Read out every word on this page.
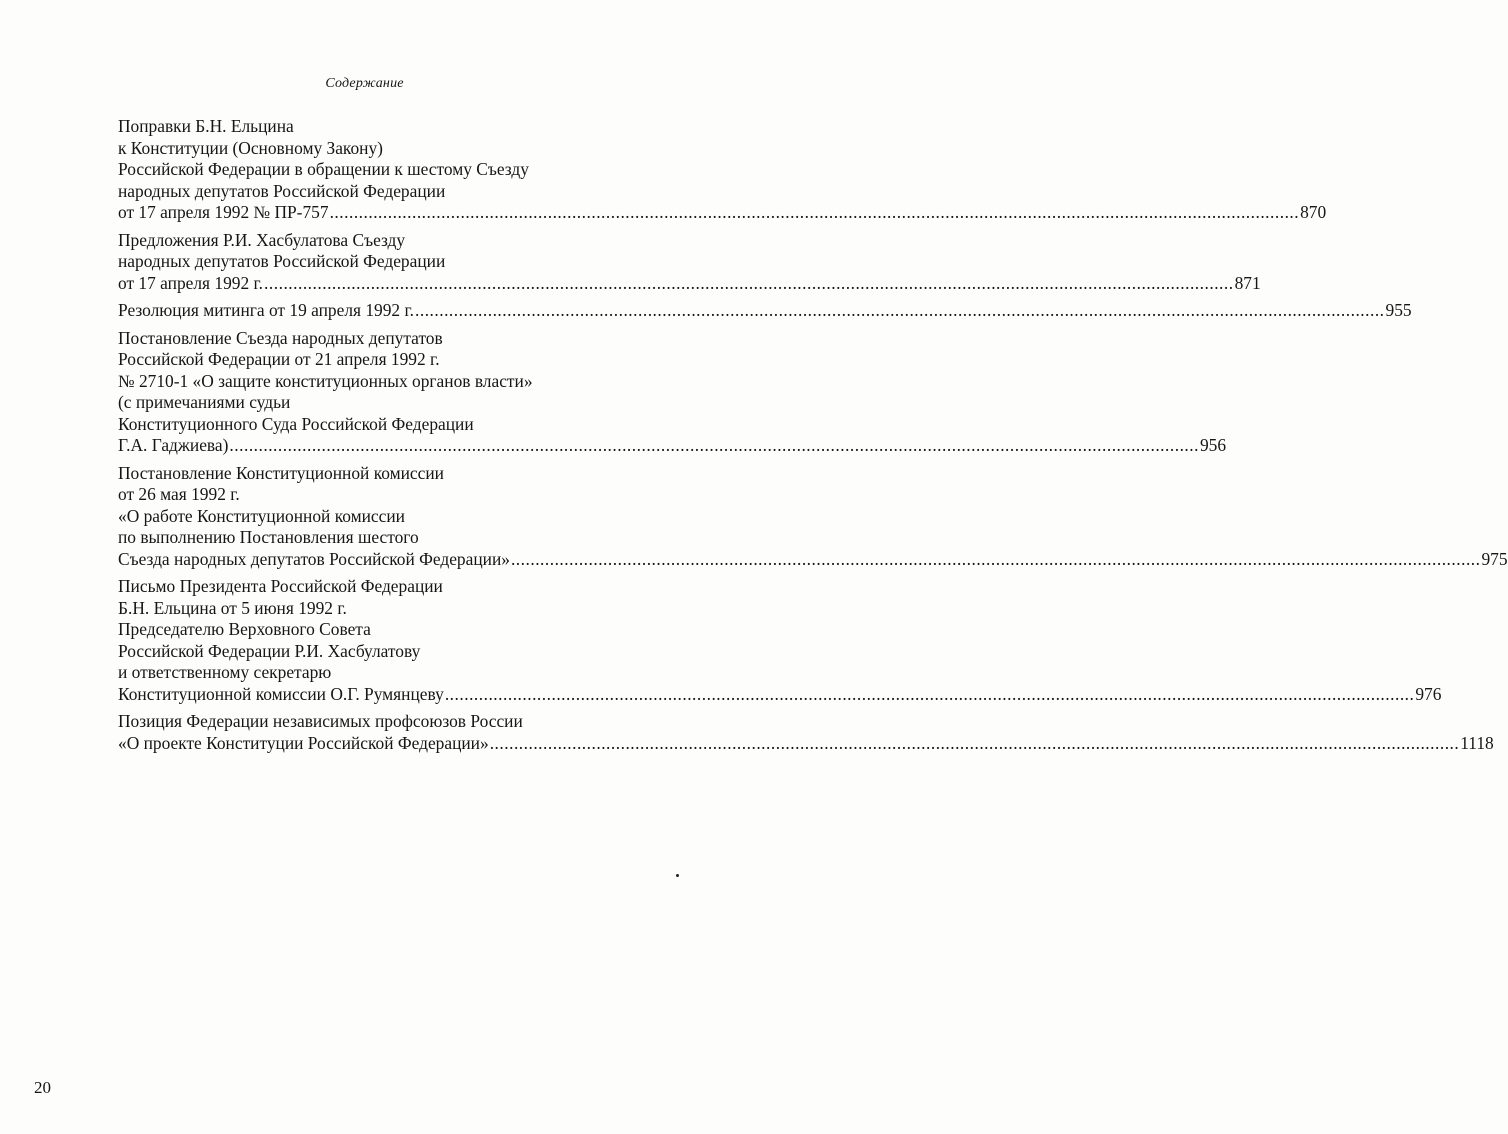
Содержание
Поправки Б.Н. Ельцина
к Конституции (Основному Закону)
Российской Федерации в обращении к шестому Съезду
народных депутатов Российской Федерации
от 17 апреля 1992 № ПР-757 ........................................................................................................................................................................................................ 870
Предложения Р.И. Хасбулатова Съезду
народных депутатов Российской Федерации
от 17 апреля 1992 г. ........................................................................................................................................................................................................ 871
Резолюция митинга от 19 апреля 1992 г. ........................................................................................................................................................................................................ 955
Постановление Съезда народных депутатов
Российской Федерации от 21 апреля 1992 г.
№ 2710-1 «О защите конституционных органов власти»
(с примечаниями судьи
Конституционного Суда Российской Федерации
Г.А. Гаджиева) ........................................................................................................................................................................................................ 956
Постановление Конституционной комиссии
от 26 мая 1992 г.
«О работе Конституционной комиссии
по выполнению Постановления шестого
Съезда народных депутатов Российской Федерации» ........................................................................................................................................................................................................ 975
Письмо Президента Российской Федерации
Б.Н. Ельцина от 5 июня 1992 г.
Председателю Верховного Совета
Российской Федерации Р.И. Хасбулатову
и ответственному секретарю
Конституционной комиссии О.Г. Румянцеву ........................................................................................................................................................................................................ 976
Позиция Федерации независимых профсоюзов России
«О проекте Конституции Российской Федерации» ........................................................................................................................................................................................................ 1118
20
